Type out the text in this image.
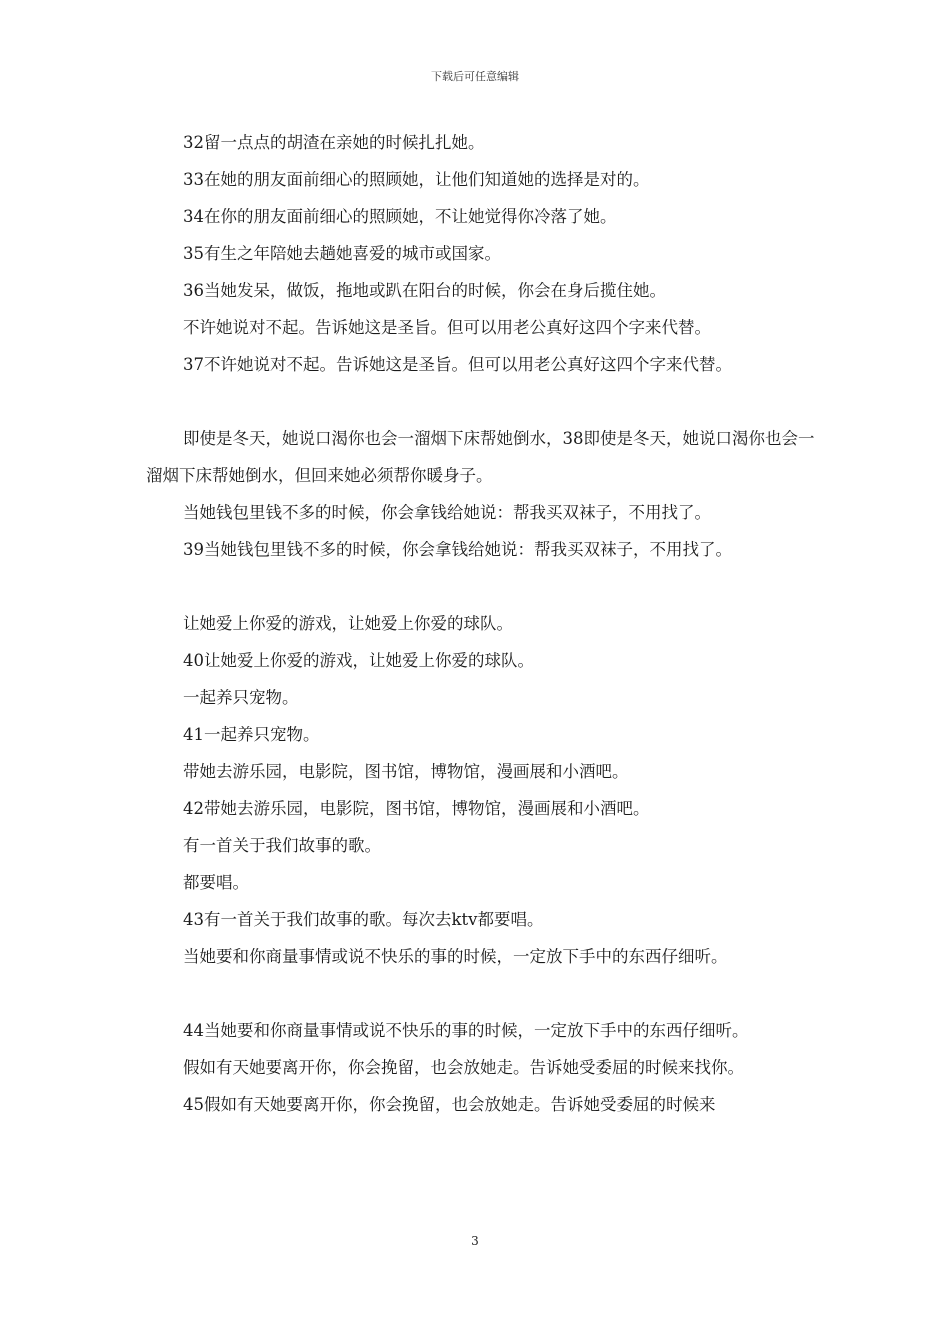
下载后可任意编辑

32留一点点的胡渣在亲她的时候扎扎她。

33在她的朋友面前细心的照顾她，让他们知道她的选择是对的。

34在你的朋友面前细心的照顾她，不让她觉得你冷落了她。

35有生之年陪她去趟她喜爱的城市或国家。

36当她发呆，做饭，拖地或趴在阳台的时候，你会在身后揽住她。

不许她说对不起。告诉她这是圣旨。但可以用老公真好这四个字来代替。

37不许她说对不起。告诉她这是圣旨。但可以用老公真好这四个字来代替。

即使是冬天，她说口渴你也会一溜烟下床帮她倒水，38即使是冬天，她说口渴你也会一溜烟下床帮她倒水，但回来她必须帮你暖身子。

当她钱包里钱不多的时候，你会拿钱给她说：帮我买双袜子，不用找了。

39当她钱包里钱不多的时候，你会拿钱给她说：帮我买双袜子，不用找了。

让她爱上你爱的游戏，让她爱上你爱的球队。

40让她爱上你爱的游戏，让她爱上你爱的球队。

一起养只宠物。

41一起养只宠物。

带她去游乐园，电影院，图书馆，博物馆，漫画展和小酒吧。

42带她去游乐园，电影院，图书馆，博物馆，漫画展和小酒吧。

有一首关于我们故事的歌。

都要唱。

43有一首关于我们故事的歌。每次去ktv都要唱。

当她要和你商量事情或说不快乐的事的时候，一定放下手中的东西仔细听。

44当她要和你商量事情或说不快乐的事的时候，一定放下手中的东西仔细听。

假如有天她要离开你，你会挽留，也会放她走。告诉她受委屈的时候来找你。

45假如有天她要离开你，你会挽留，也会放她走。告诉她受委屈的时候来

3
